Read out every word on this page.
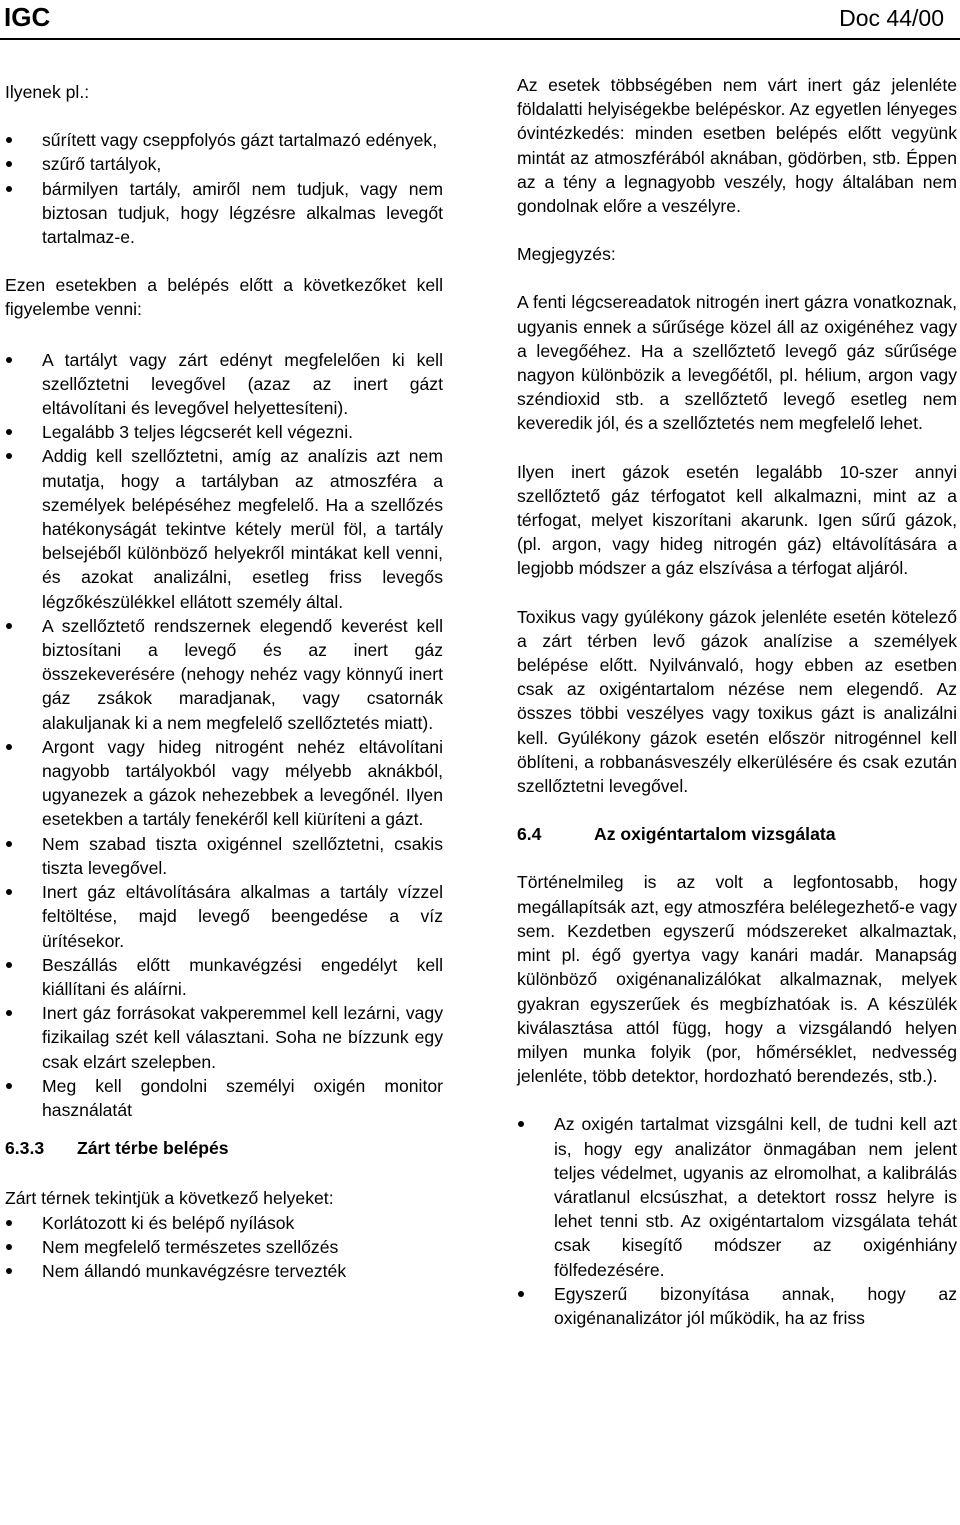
IGC	Doc 44/00

Ilyenek pl.:

sűrített vagy cseppfolyós gázt tartalmazó edények,
szűrő tartályok,
bármilyen tartály, amiről nem tudjuk, vagy nem biztosan tudjuk, hogy légzésre alkalmas levegőt tartalmaz-e.

Ezen esetekben a belépés előtt a következőket kell figyelembe venni:

A tartályt vagy zárt edényt megfelelően ki kell szellőztetni levegővel (azaz az inert gázt eltávolítani és levegővel helyettesíteni).
Legalább 3 teljes légcserét kell végezni.
Addig kell szellőztetni, amíg az analízis azt nem mutatja, hogy a tartályban az atmoszféra a személyek belépéséhez megfelelő. Ha a szellőzés hatékonyságát tekintve kétely merül föl, a tartály belsejéből különböző helyekről mintákat kell venni, és azokat analizálni, esetleg friss levegős légzőkészülékkel ellátott személy által.
A szellőztető rendszernek elegendő keverést kell biztosítani a levegő és az inert gáz összekeverésére (nehogy nehéz vagy könnyű inert gáz zsákok maradjanak, vagy csatornák alakuljanak ki a nem megfelelő szellőztetés miatt).
Argont vagy hideg nitrogént nehéz eltávolítani nagyobb tartályokból vagy mélyebb aknákból, ugyanezek a gázok nehezebbek a levegőnél. Ilyen esetekben a tartály fenekéről kell kiüríteni a gázt.
Nem szabad tiszta oxigénnel szellőztetni, csakis tiszta levegővel.
Inert gáz eltávolítására alkalmas a tartály vízzel feltöltése, majd levegő beengedése a víz ürítésekor.
Beszállás előtt munkavégzési engedélyt kell kiállítani és aláírni.
Inert gáz forrásokat vakperemmel kell lezárni, vagy fizikailag szét kell választani. Soha ne bízzunk egy csak elzárt szelepben.
Meg kell gondolni személyi oxigén monitor használatát

6.3.3 Zárt térbe belépés

Zárt térnek tekintjük a következő helyeket:

Korlátozott ki és belépő nyílások
Nem megfelelő természetes szellőzés
Nem állandó munkavégzésre tervezték

Az esetek többségében nem várt inert gáz jelenléte földalatti helyiségekbe belépéskor. Az egyetlen lényeges óvintézkedés: minden esetben belépés előtt vegyünk mintát az atmoszférából aknában, gödörben, stb. Éppen az a tény a legnagyobb veszély, hogy általában nem gondolnak előre a veszélyre.

Megjegyzés:

A fenti légcsereadatok nitrogén inert gázra vonatkoznak, ugyanis ennek a sűrűsége közel áll az oxigénéhez vagy a levegőéhez. Ha a szellőztető levegő gáz sűrűsége nagyon különbözik a levegőétől, pl. hélium, argon vagy széndioxid stb. a szellőztető levegő esetleg nem keveredik jól, és a szellőztetés nem megfelelő lehet.

Ilyen inert gázok esetén legalább 10-szer annyi szellőztető gáz térfogatot kell alkalmazni, mint az a térfogat, melyet kiszorítani akarunk. Igen sűrű gázok, (pl. argon, vagy hideg nitrogén gáz) eltávolítására a legjobb módszer a gáz elszívása a térfogat aljáról.

Toxikus vagy gyúlékony gázok jelenléte esetén kötelező a zárt térben levő gázok analízise a személyek belépése előtt. Nyilvánvaló, hogy ebben az esetben csak az oxigéntartalom nézése nem elegendő. Az összes többi veszélyes vagy toxikus gázt is analizálni kell. Gyúlékony gázok esetén először nitrogénnel kell öblíteni, a robbanásveszély elkerülésére és csak ezután szellőztetni levegővel.

6.4	Az oxigéntartalom vizsgálata

Történelmileg is az volt a legfontosabb, hogy megállapítsák azt, egy atmoszféra belélegezhető-e vagy sem. Kezdetben egyszerű módszereket alkalmaztak, mint pl. égő gyertya vagy kanári madár. Manapság különböző oxigénanalizálókat alkalmaznak, melyek gyakran egyszerűek és megbízhatóak is. A készülék kiválasztása attól függ, hogy a vizsgálandó helyen milyen munka folyik (por, hőmérséklet, nedvesség jelenléte, több detektor, hordozható berendezés, stb.).

Az oxigén tartalmat vizsgálni kell, de tudni kell azt is, hogy egy analizátor önmagában nem jelent teljes védelmet, ugyanis az elromolhat, a kalibrálás váratlanul elcsúszhat, a detektort rossz helyre is lehet tenni stb. Az oxigéntartalom vizsgálata tehát csak kisegítő módszer az oxigénhiány fölfedezésére.
Egyszerű bizonyítása annak, hogy az oxigénanalizátor jól működik, ha az friss
